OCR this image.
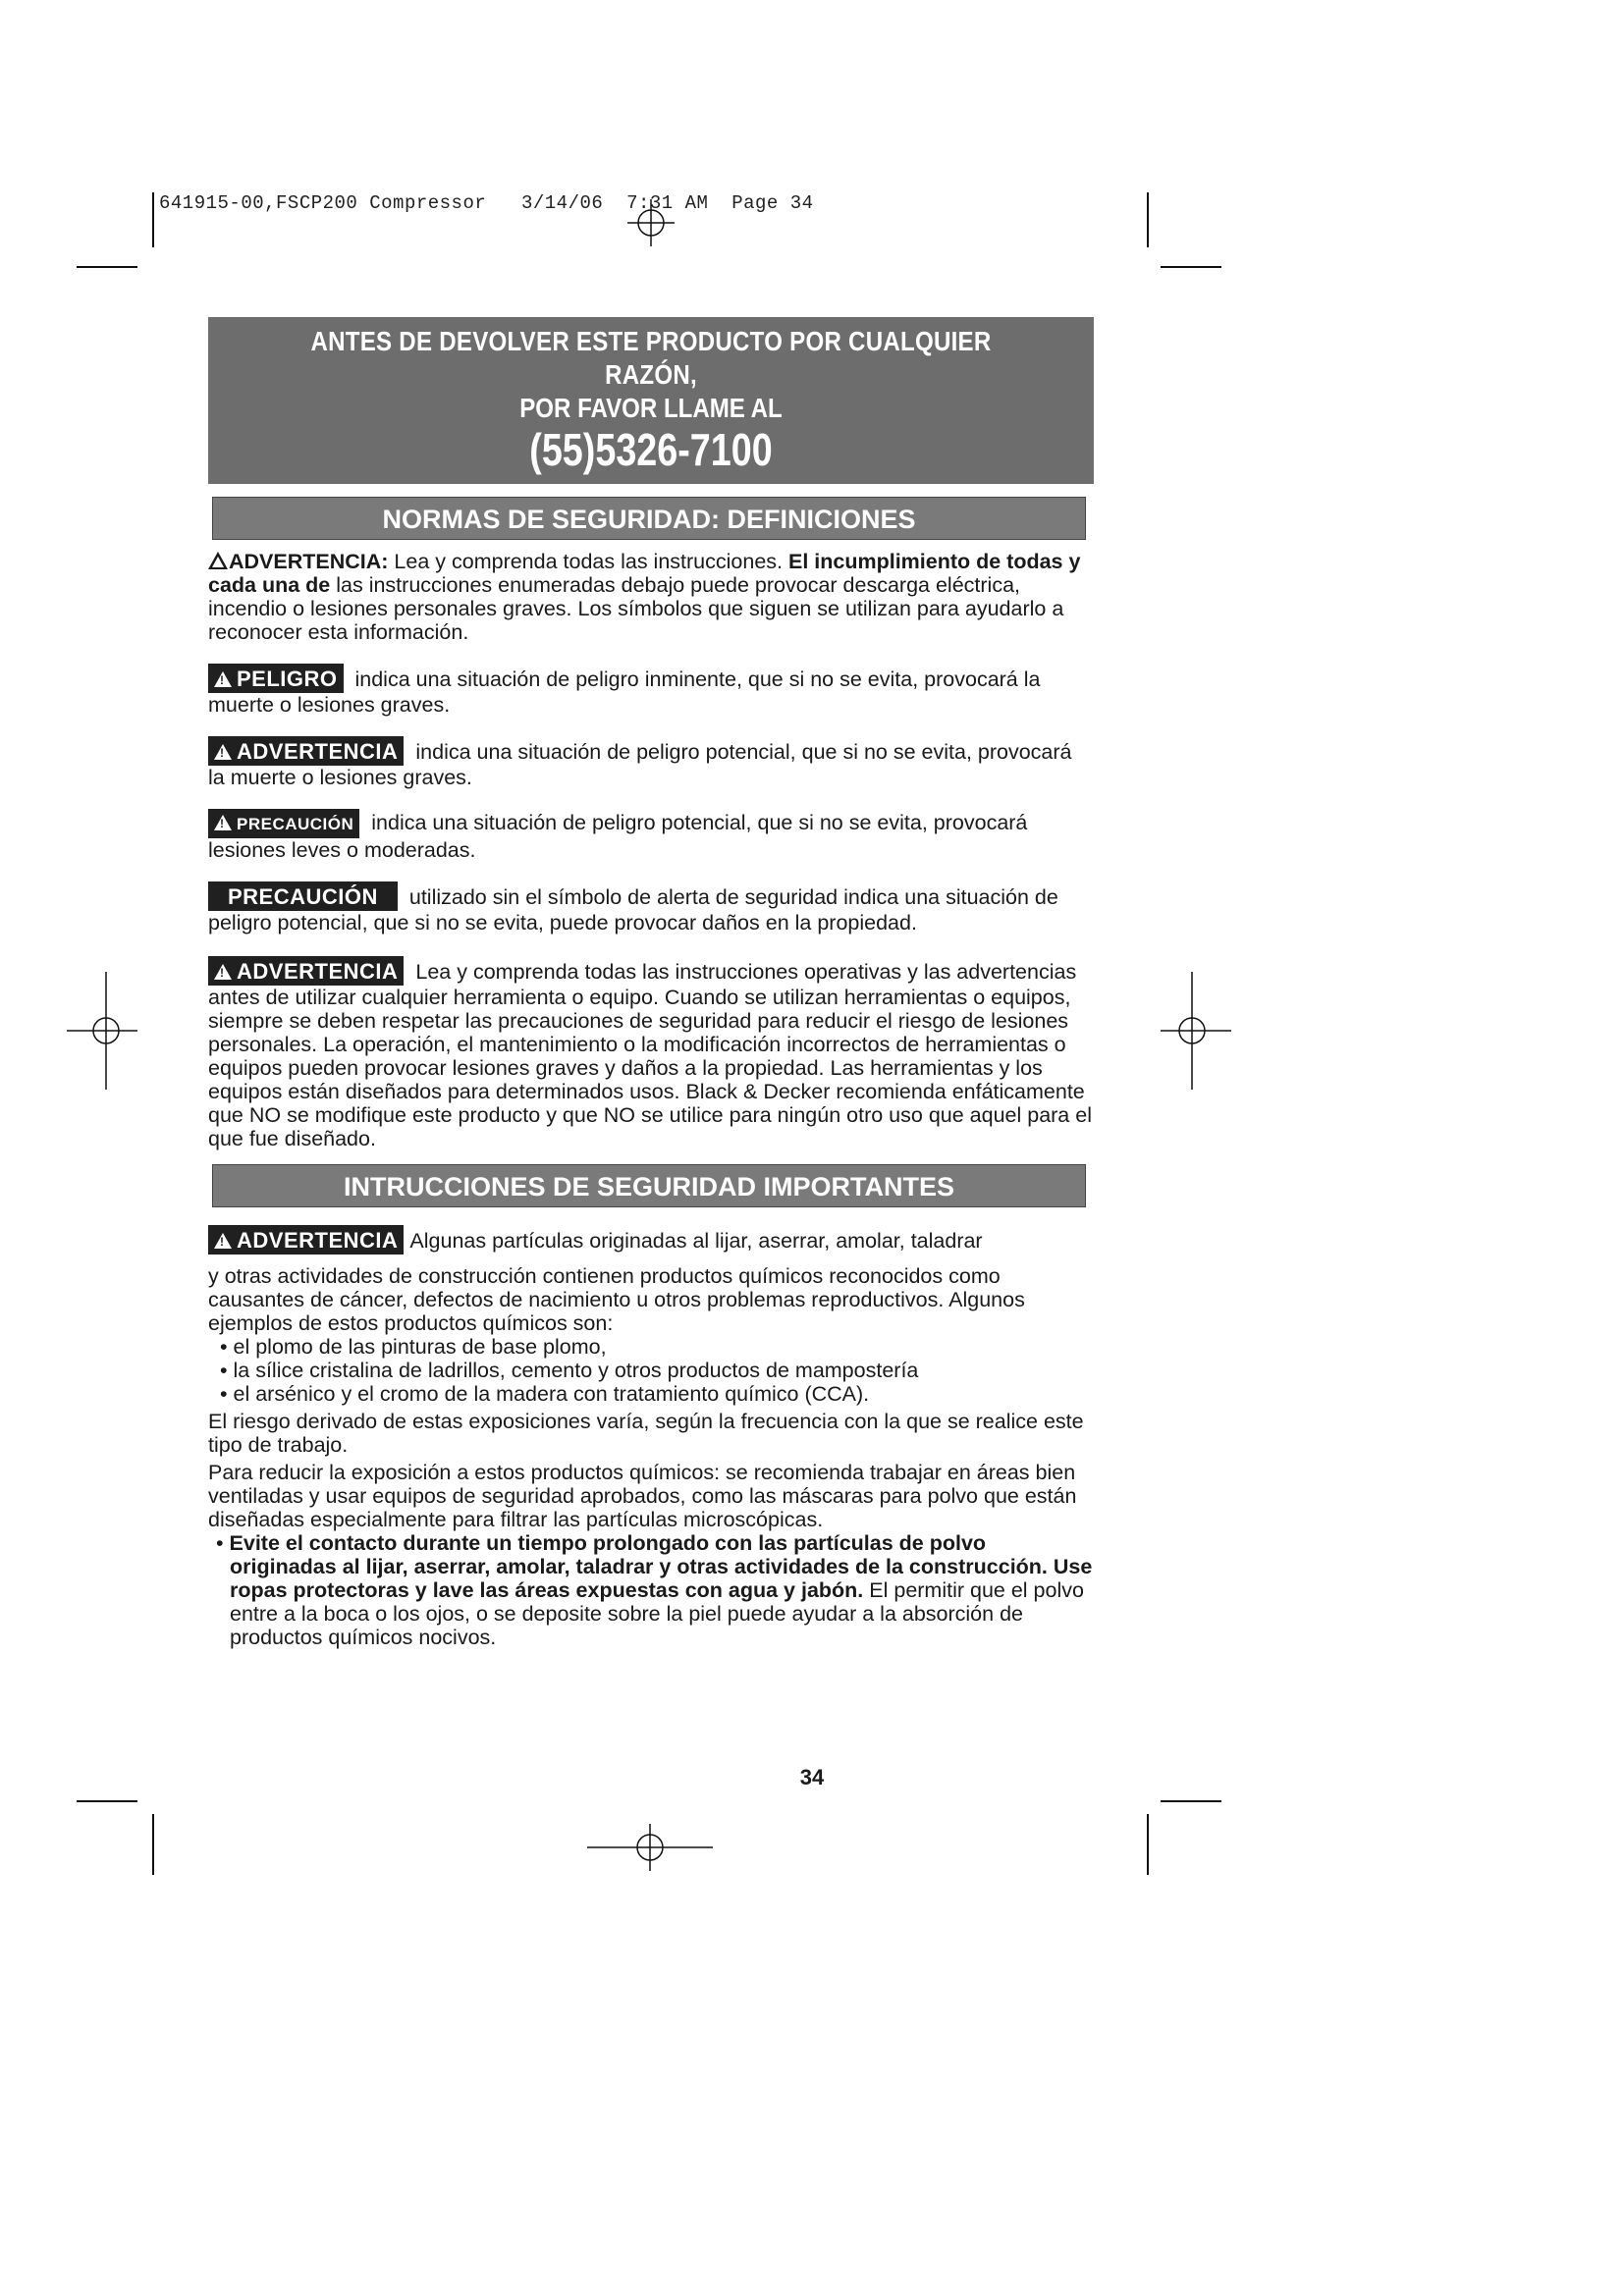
641915-00,FSCP200 Compressor   3/14/06  7:31 AM  Page 34
ANTES DE DEVOLVER ESTE PRODUCTO POR CUALQUIER RAZÓN,
POR FAVOR LLAME AL
(55)5326-7100
NORMAS DE SEGURIDAD: DEFINICIONES

ADVERTENCIA: Lea y comprenda todas las instrucciones. El incumplimiento de todas y cada una de las instrucciones enumeradas debajo puede provocar descarga eléctrica, incendio o lesiones personales graves. Los símbolos que siguen se utilizan para ayudarlo a reconocer esta información.

!PELIGRO indica una situación de peligro inminente, que si no se evita, provocará la muerte o lesiones graves.

!ADVERTENCIA indica una situación de peligro potencial, que si no se evita, provocará la muerte o lesiones graves.

!PRECAUCIÓN indica una situación de peligro potencial, que si no se evita, provocará lesiones leves o moderadas.

PRECAUCIÓN utilizado sin el símbolo de alerta de seguridad indica una situación de peligro potencial, que si no se evita, puede provocar daños en la propiedad.

!ADVERTENCIA Lea y comprenda todas las instrucciones operativas y las advertencias antes de utilizar cualquier herramienta o equipo. Cuando se utilizan herramientas o equipos, siempre se deben respetar las precauciones de seguridad para reducir el riesgo de lesiones personales. La operación, el mantenimiento o la modificación incorrectos de herramientas o equipos pueden provocar lesiones graves y daños a la propiedad. Las herramientas y los equipos están diseñados para determinados usos. Black & Decker recomienda enfáticamente que NO se modifique este producto y que NO se utilice para ningún otro uso que aquel para el que fue diseñado.

INTRUCCIONES DE SEGURIDAD IMPORTANTES

!ADVERTENCIA Algunas partículas originadas al lijar, aserrar, amolar, taladrar

y otras actividades de construcción contienen productos químicos reconocidos como causantes de cáncer, defectos de nacimiento u otros problemas reproductivos. Algunos ejemplos de estos productos químicos son:

• el plomo de las pinturas de base plomo,

• la sílice cristalina de ladrillos, cemento y otros productos de mampostería

• el arsénico y el cromo de la madera con tratamiento químico (CCA).

El riesgo derivado de estas exposiciones varía, según la frecuencia con la que se realice este tipo de trabajo.

Para reducir la exposición a estos productos químicos: se recomienda trabajar en áreas bien ventiladas y usar equipos de seguridad aprobados, como las máscaras para polvo que están diseñadas especialmente para filtrar las partículas microscópicas.

• Evite el contacto durante un tiempo prolongado con las partículas de polvo originadas al lijar, aserrar, amolar, taladrar y otras actividades de la construcción. Use ropas protectoras y lave las áreas expuestas con agua y jabón. El permitir que el polvo entre a la boca o los ojos, o se deposite sobre la piel puede ayudar a la absorción de productos químicos nocivos.

34
